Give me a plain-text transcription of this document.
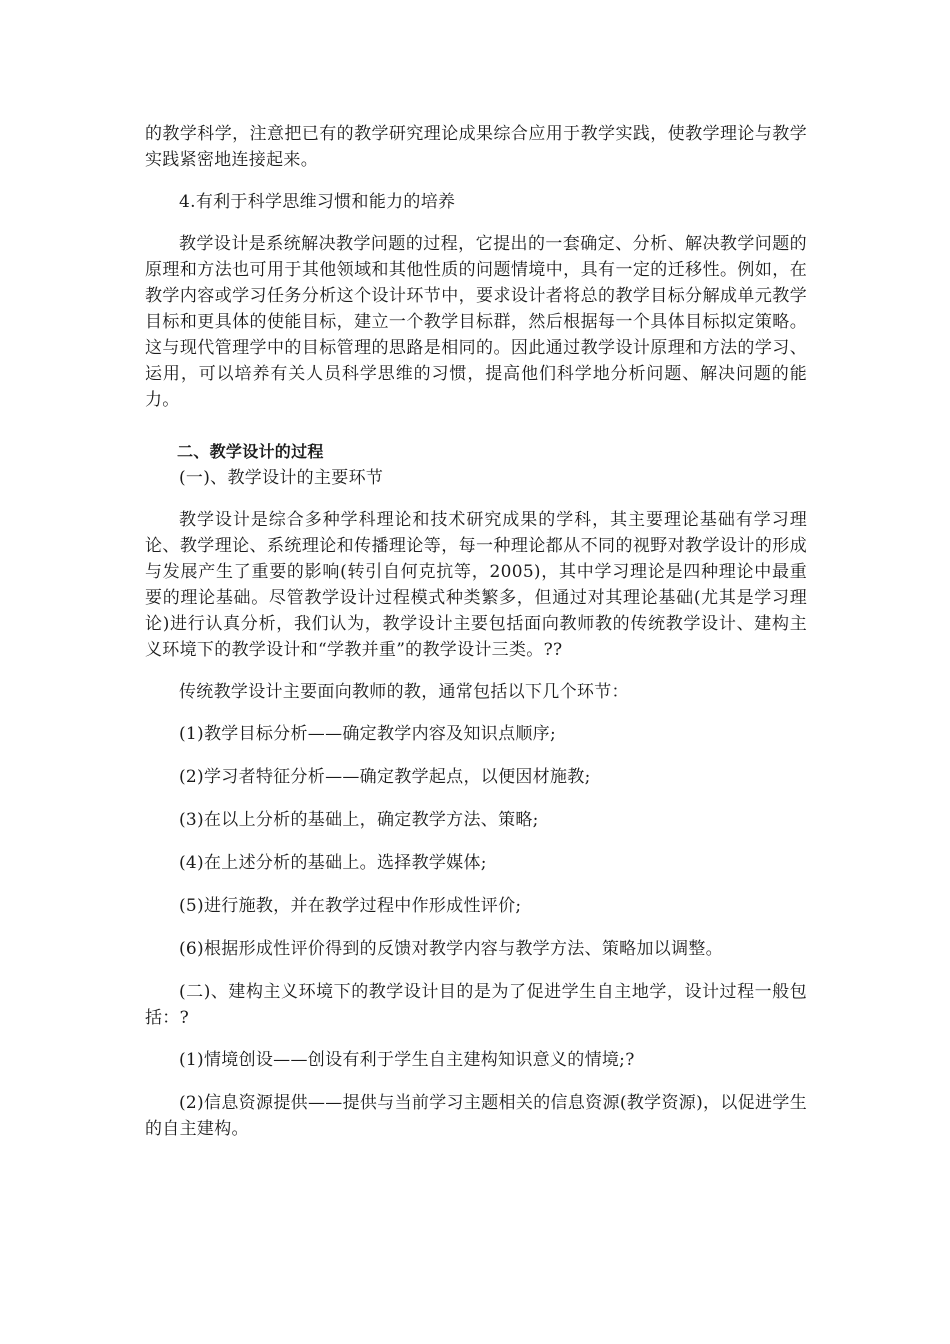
的教学科学，注意把已有的教学研究理论成果综合应用于教学实践，使教学理论与教学实践紧密地连接起来。

4.有利于科学思维习惯和能力的培养

教学设计是系统解决教学问题的过程，它提出的一套确定、分析、解决教学问题的原理和方法也可用于其他领域和其他性质的问题情境中，具有一定的迁移性。例如，在教学内容或学习任务分析这个设计环节中，要求设计者将总的教学目标分解成单元教学目标和更具体的使能目标，建立一个教学目标群，然后根据每一个具体目标拟定策略。这与现代管理学中的目标管理的思路是相同的。因此通过教学设计原理和方法的学习、运用，可以培养有关人员科学思维的习惯，提高他们科学地分析问题、解决问题的能力。

二、教学设计的过程
(一)、教学设计的主要环节

教学设计是综合多种学科理论和技术研究成果的学科，其主要理论基础有学习理论、教学理论、系统理论和传播理论等，每一种理论都从不同的视野对教学设计的形成与发展产生了重要的影响(转引自何克抗等，2005)，其中学习理论是四种理论中最重要的理论基础。尽管教学设计过程模式种类繁多，但通过对其理论基础(尤其是学习理论)进行认真分析，我们认为，教学设计主要包括面向教师教的传统教学设计、建构主义环境下的教学设计和“学教并重”的教学设计三类。??

传统教学设计主要面向教师的教，通常包括以下几个环节：

(1)教学目标分析——确定教学内容及知识点顺序;

(2)学习者特征分析——确定教学起点，以便因材施教;

(3)在以上分析的基础上，确定教学方法、策略;

(4)在上述分析的基础上。选择教学媒体;

(5)进行施教，并在教学过程中作形成性评价;

(6)根据形成性评价得到的反馈对教学内容与教学方法、策略加以调整。

(二)、建构主义环境下的教学设计目的是为了促进学生自主地学，设计过程一般包括：?

(1)情境创设——创设有利于学生自主建构知识意义的情境;?

(2)信息资源提供——提供与当前学习主题相关的信息资源(教学资源)，以促进学生的自主建构。
